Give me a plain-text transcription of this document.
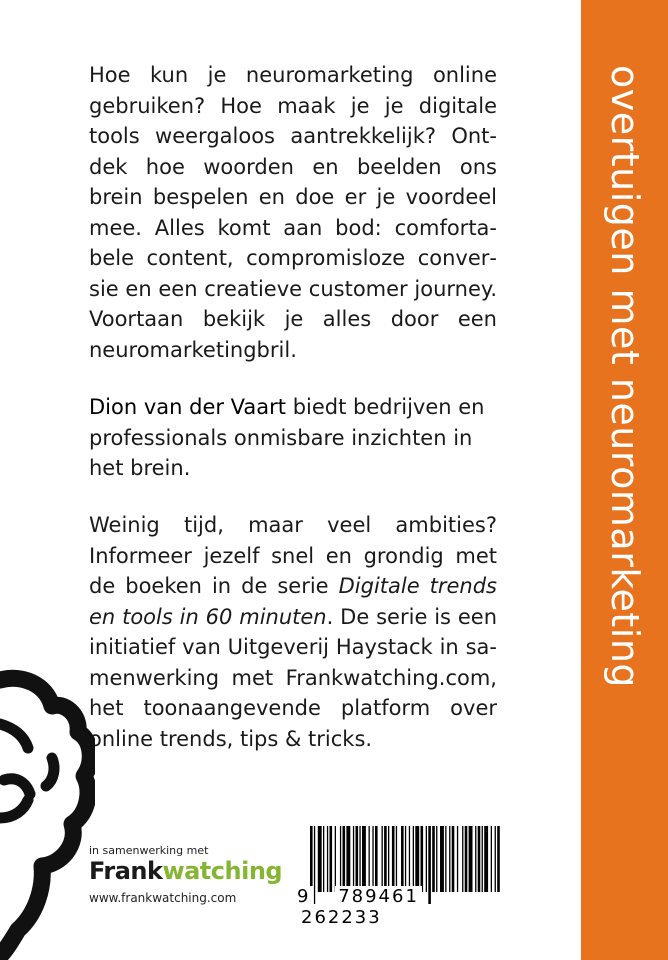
overtuigen met neuromarketing

Hoe kun je neuromarketing online gebruiken? Hoe maak je je digitale tools weergaloos aantrekkelijk? Ontdek hoe woorden en beelden ons brein bespelen en doe er je voordeel mee. Alles komt aan bod: comfortabele content, compromisloze conversie en een creatieve customer journey. Voortaan bekijk je alles door een neuromarketingbril.

Dion van der Vaart biedt bedrijven en professionals onmisbare inzichten in het brein.

Weinig tijd, maar veel ambities? Informeer jezelf snel en grondig met de boeken in de serie Digitale trends en tools in 60 minuten. De serie is een initiatief van Uitgeverij Haystack in samenwerking met Frankwatching.com, het toonaangevende platform over online trends, tips & tricks.

in samenwerking met
Frankwatching
www.frankwatching.com	9 789461 262233
